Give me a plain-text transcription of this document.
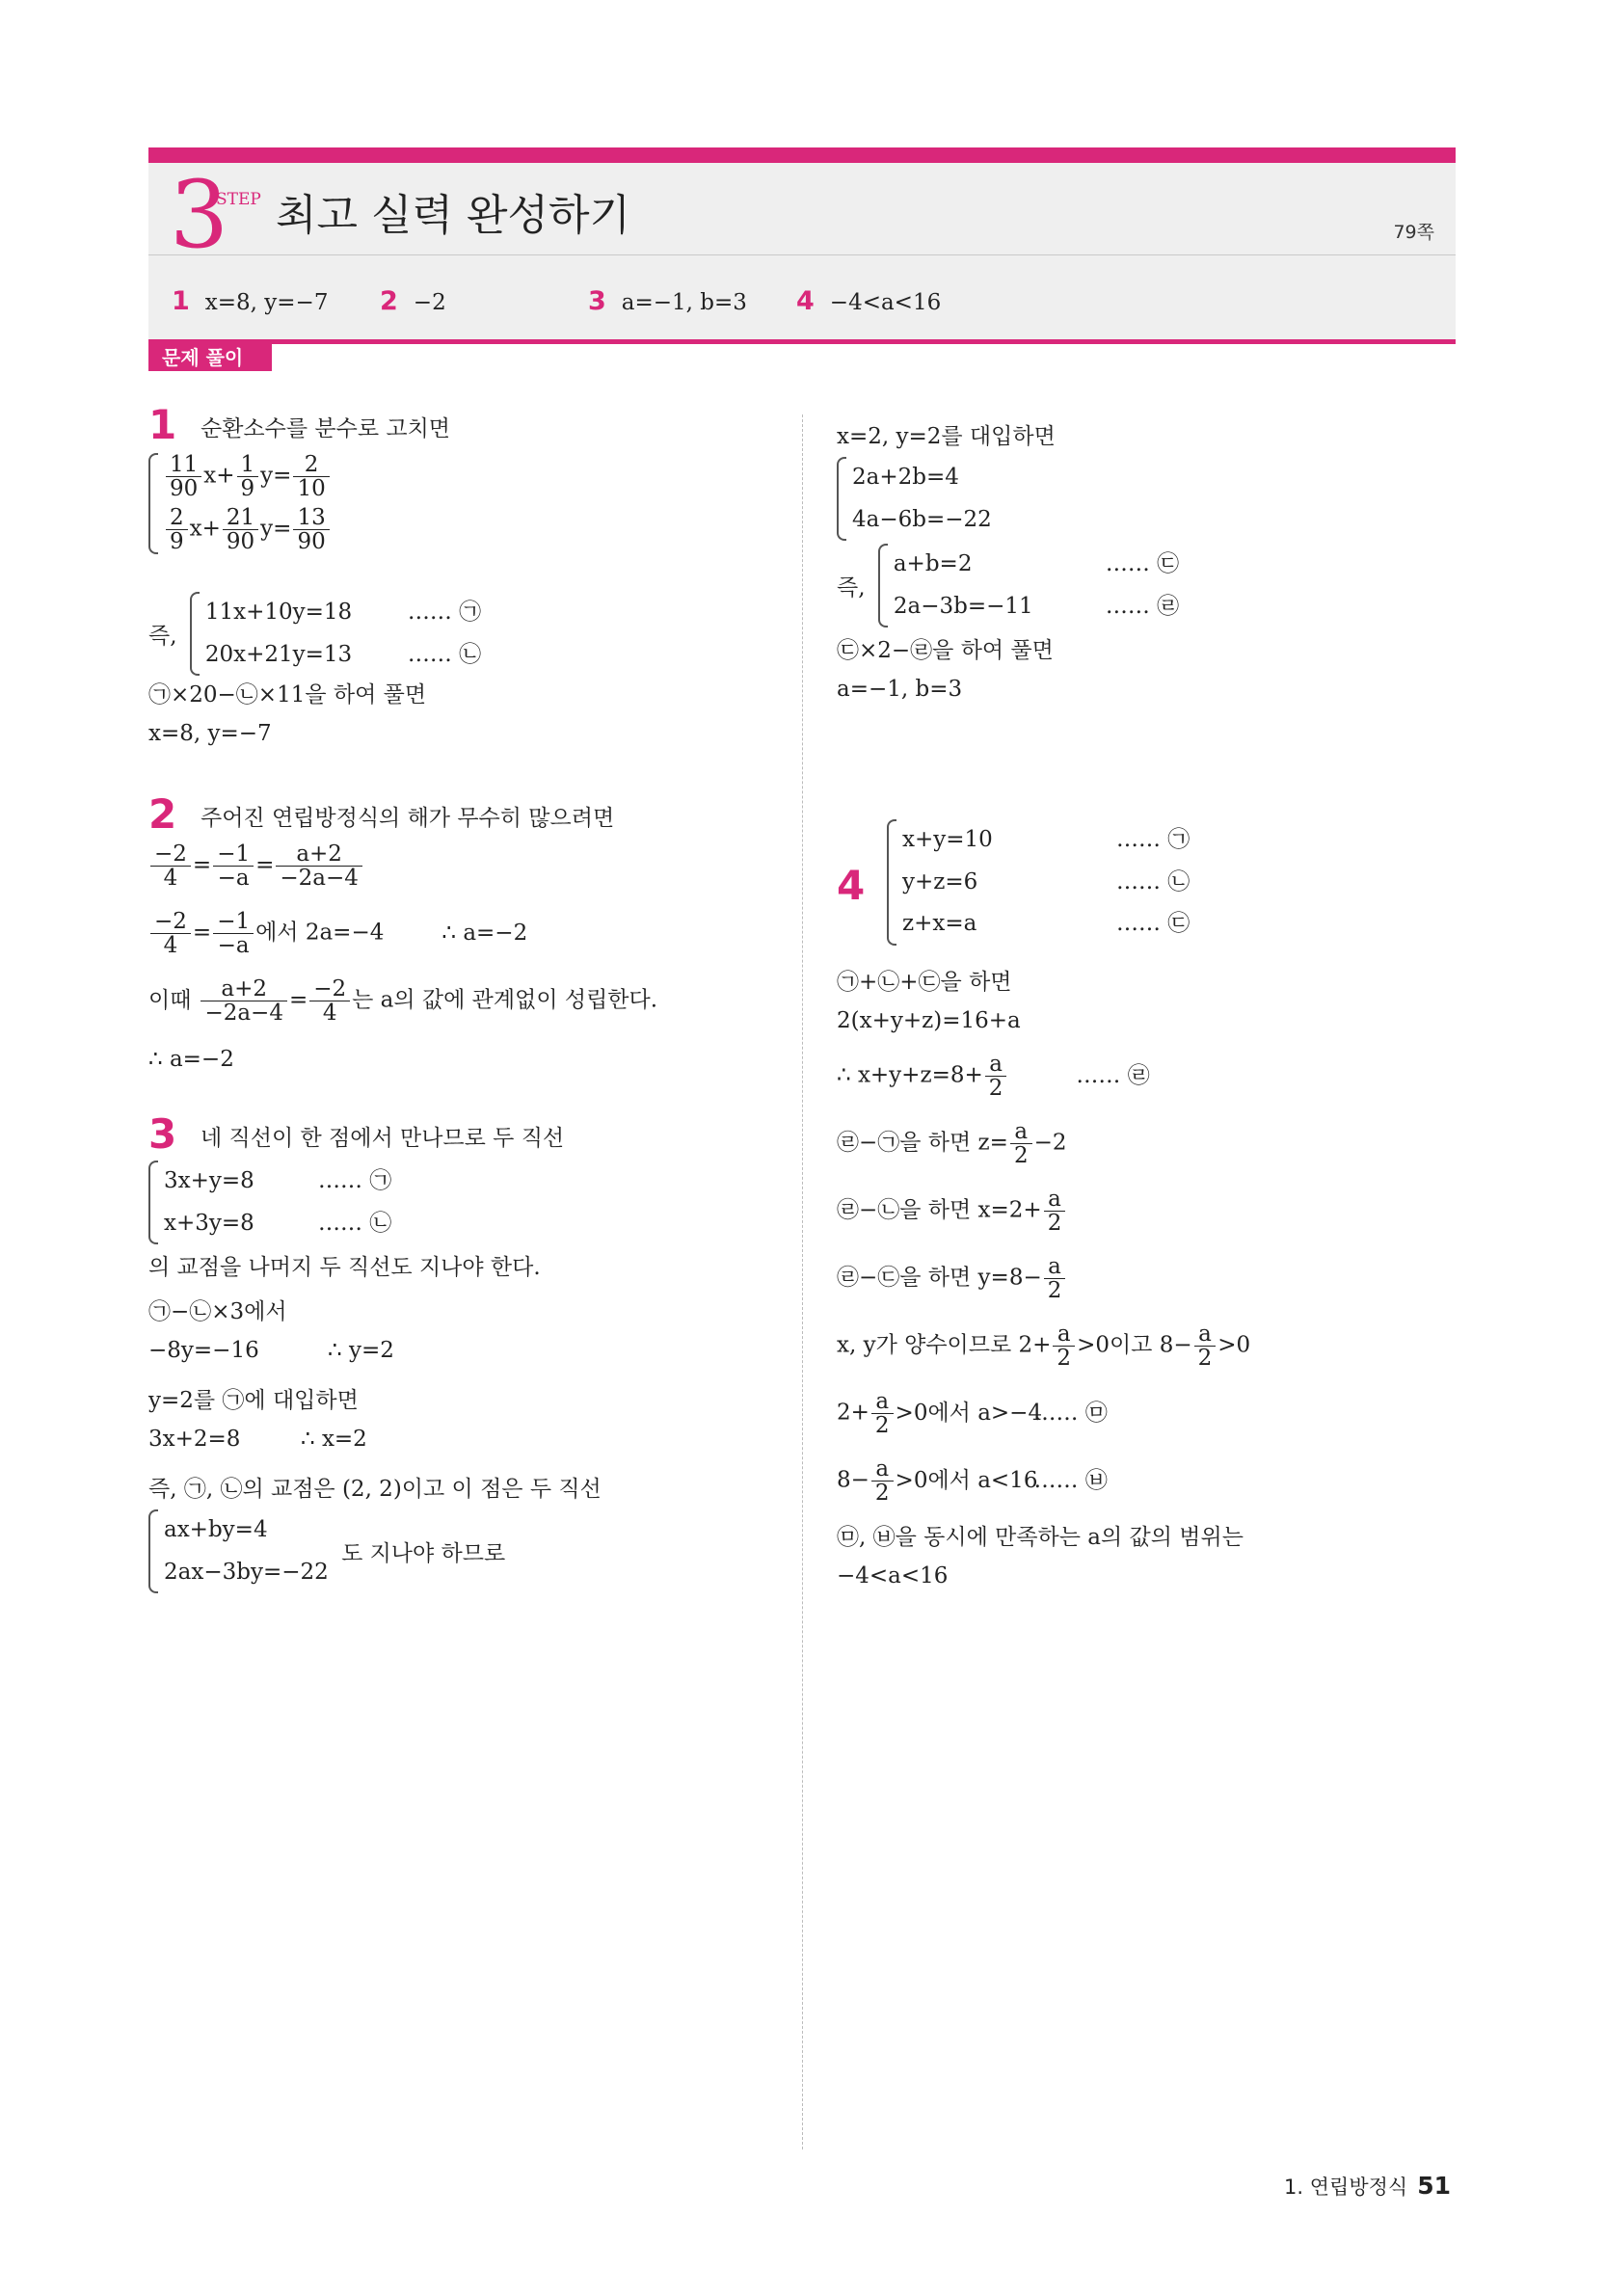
3
STEP 최고 실력 완성하기	79쪽
1 x=8, y=−7 2 −2	3 a=−1, b=3 4 −4<a<16
문제 풀이
1 순환소수를 분수로 고치면
$\frac{11}{90} x+ \frac{1}{9} y= \frac{2}{10}$
$\frac{2}{9} x+ \frac{21}{90} y= \frac{13}{90}$
즉,
11x+10y=18	…… ㉠
20x+21y=13	…… ㉡
㉠×20−㉡×11을 하여 풀면
x=8, y=−7
2 주어진 연립방정식의 해가 무수히 많으려면
$\frac{-2}{4} = \frac{-1}{-a} = \frac{a+2}{-2a-4}$
$\frac{-2}{4} = \frac{-1}{-a}$ 에서 2a=−4	∴ a=−2
이때 $\frac{a+2}{-2a-4} = \frac{-2}{4}$ 는 a의 값에 관계없이 성립한다.
∴ a=−2
3 네 직선이 한 점에서 만나므로 두 직선
3x+y=8	…… ㉠
x+3y=8	…… ㉡
의 교점을 나머지 두 직선도 지나야 한다.
㉠−㉡×3에서
−8y=−16	∴ y=2
y=2를 ㉠에 대입하면
3x+2=8	∴ x=2
즉, ㉠, ㉡의 교점은 (2, 2)이고 이 점은 두 직선
ax+by=4
2ax−3by=−22
도 지나야 하므로
x=2, y=2를 대입하면
2a+2b=4
4a−6b=−22
즉,
a+b=2	…… ㉢
2a−3b=−11	…… ㉣
㉢×2−㉣을 하여 풀면
a=−1, b=3
4
x+y=10	…… ㉠
y+z=6	…… ㉡
z+x=a	…… ㉢
㉠+㉡+㉢을 하면
2(x+y+z)=16+a
∴ $x+y+z=8+ \frac{a}{2}$	…… ㉣
㉣−㉠을 하면 $z= \frac{a}{2} -2$
㉣−㉡을 하면 $x=2+ \frac{a}{2}$
㉣−㉢을 하면 $y=8- \frac{a}{2}$
x, y가 양수이므로 $2+ \frac{a}{2} >0$이고 $8- \frac{a}{2} >0$
$2+ \frac{a}{2} >0$에서 a>−4…… ㉤
$8- \frac{a}{2} >0$에서 a<16…… ㉥
㉤, ㉥을 동시에 만족하는 a의 값의 범위는
−4<a<16
1. 연립방정식 51
